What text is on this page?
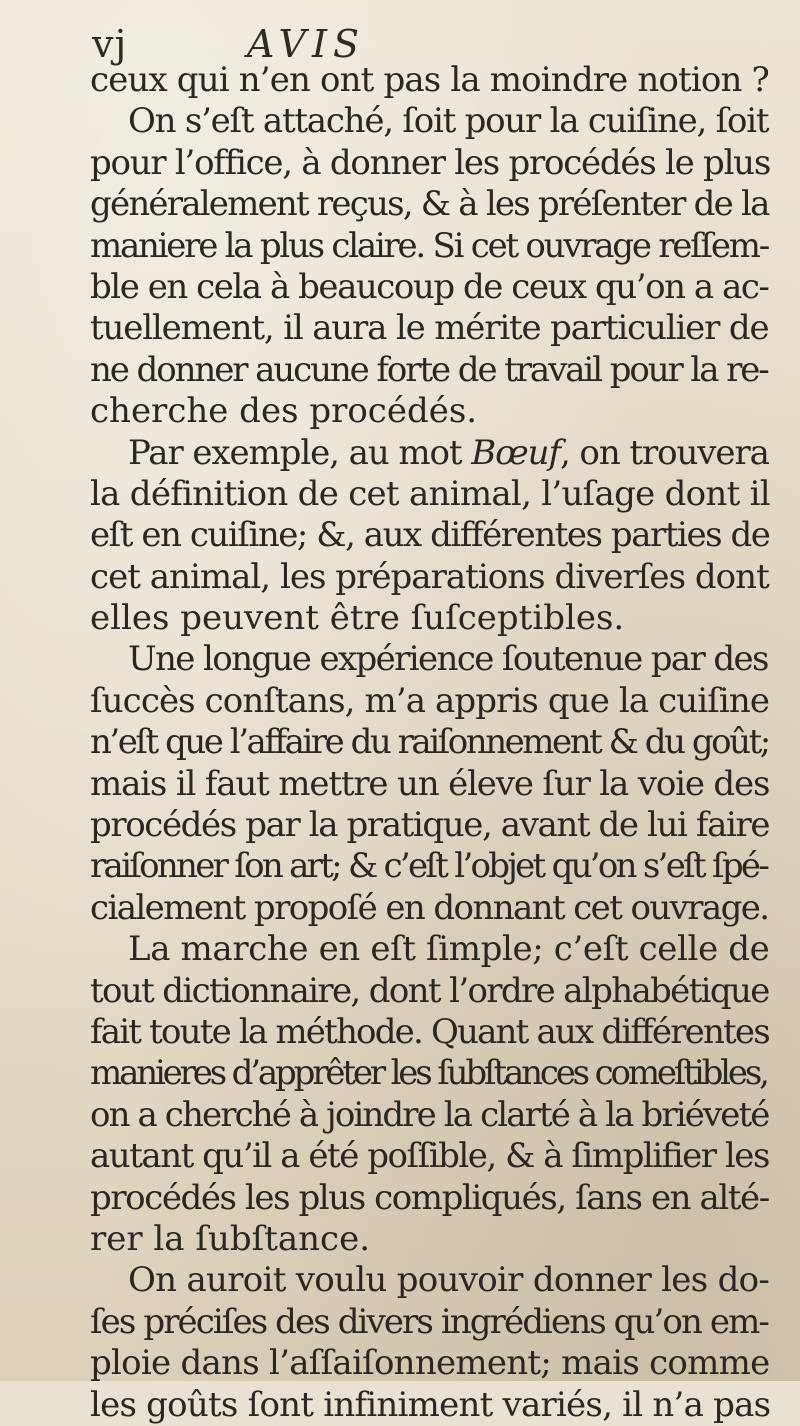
vj	AVIS
ceux qui n’en ont pas la moindre notion ?
On s’eſt attaché, ſoit pour la cuiſine, ſoit
pour l’office, à donner les procédés le plus
généralement reçus, & à les préſenter de la
maniere la plus claire. Si cet ouvrage reſſem-
ble en cela à beaucoup de ceux qu’on a ac-
tuellement, il aura le mérite particulier de
ne donner aucune forte de travail pour la re-
cherche des procédés.
Par exemple, au mot Bœuf, on trouvera
la définition de cet animal, l’uſage dont il
eſt en cuiſine; &, aux différentes parties de
cet animal, les préparations diverſes dont
elles peuvent être ſuſceptibles.
Une longue expérience ſoutenue par des
ſuccès conſtans, m’a appris que la cuiſine
n’eſt que l’affaire du raiſonnement & du goût;
mais il faut mettre un éleve ſur la voie des
procédés par la pratique, avant de lui faire
raiſonner ſon art; & c’eſt l’objet qu’on s’eſt ſpé-
cialement propoſé en donnant cet ouvrage.
La marche en eſt ſimple; c’eſt celle de
tout dictionnaire, dont l’ordre alphabétique
fait toute la méthode. Quant aux différentes
manieres d’apprêter les ſubſtances comeſtibles,
on a cherché à joindre la clarté à la briéveté
autant qu’il a été poſſible, & à ſimplifier les
procédés les plus compliqués, ſans en alté-
rer la ſubſtance.
On auroit voulu pouvoir donner les do-
ſes préciſes des divers ingrédiens qu’on em-
ploie dans l’aſſaiſonnement; mais comme
les goûts ſont infiniment variés, il n’a pas
